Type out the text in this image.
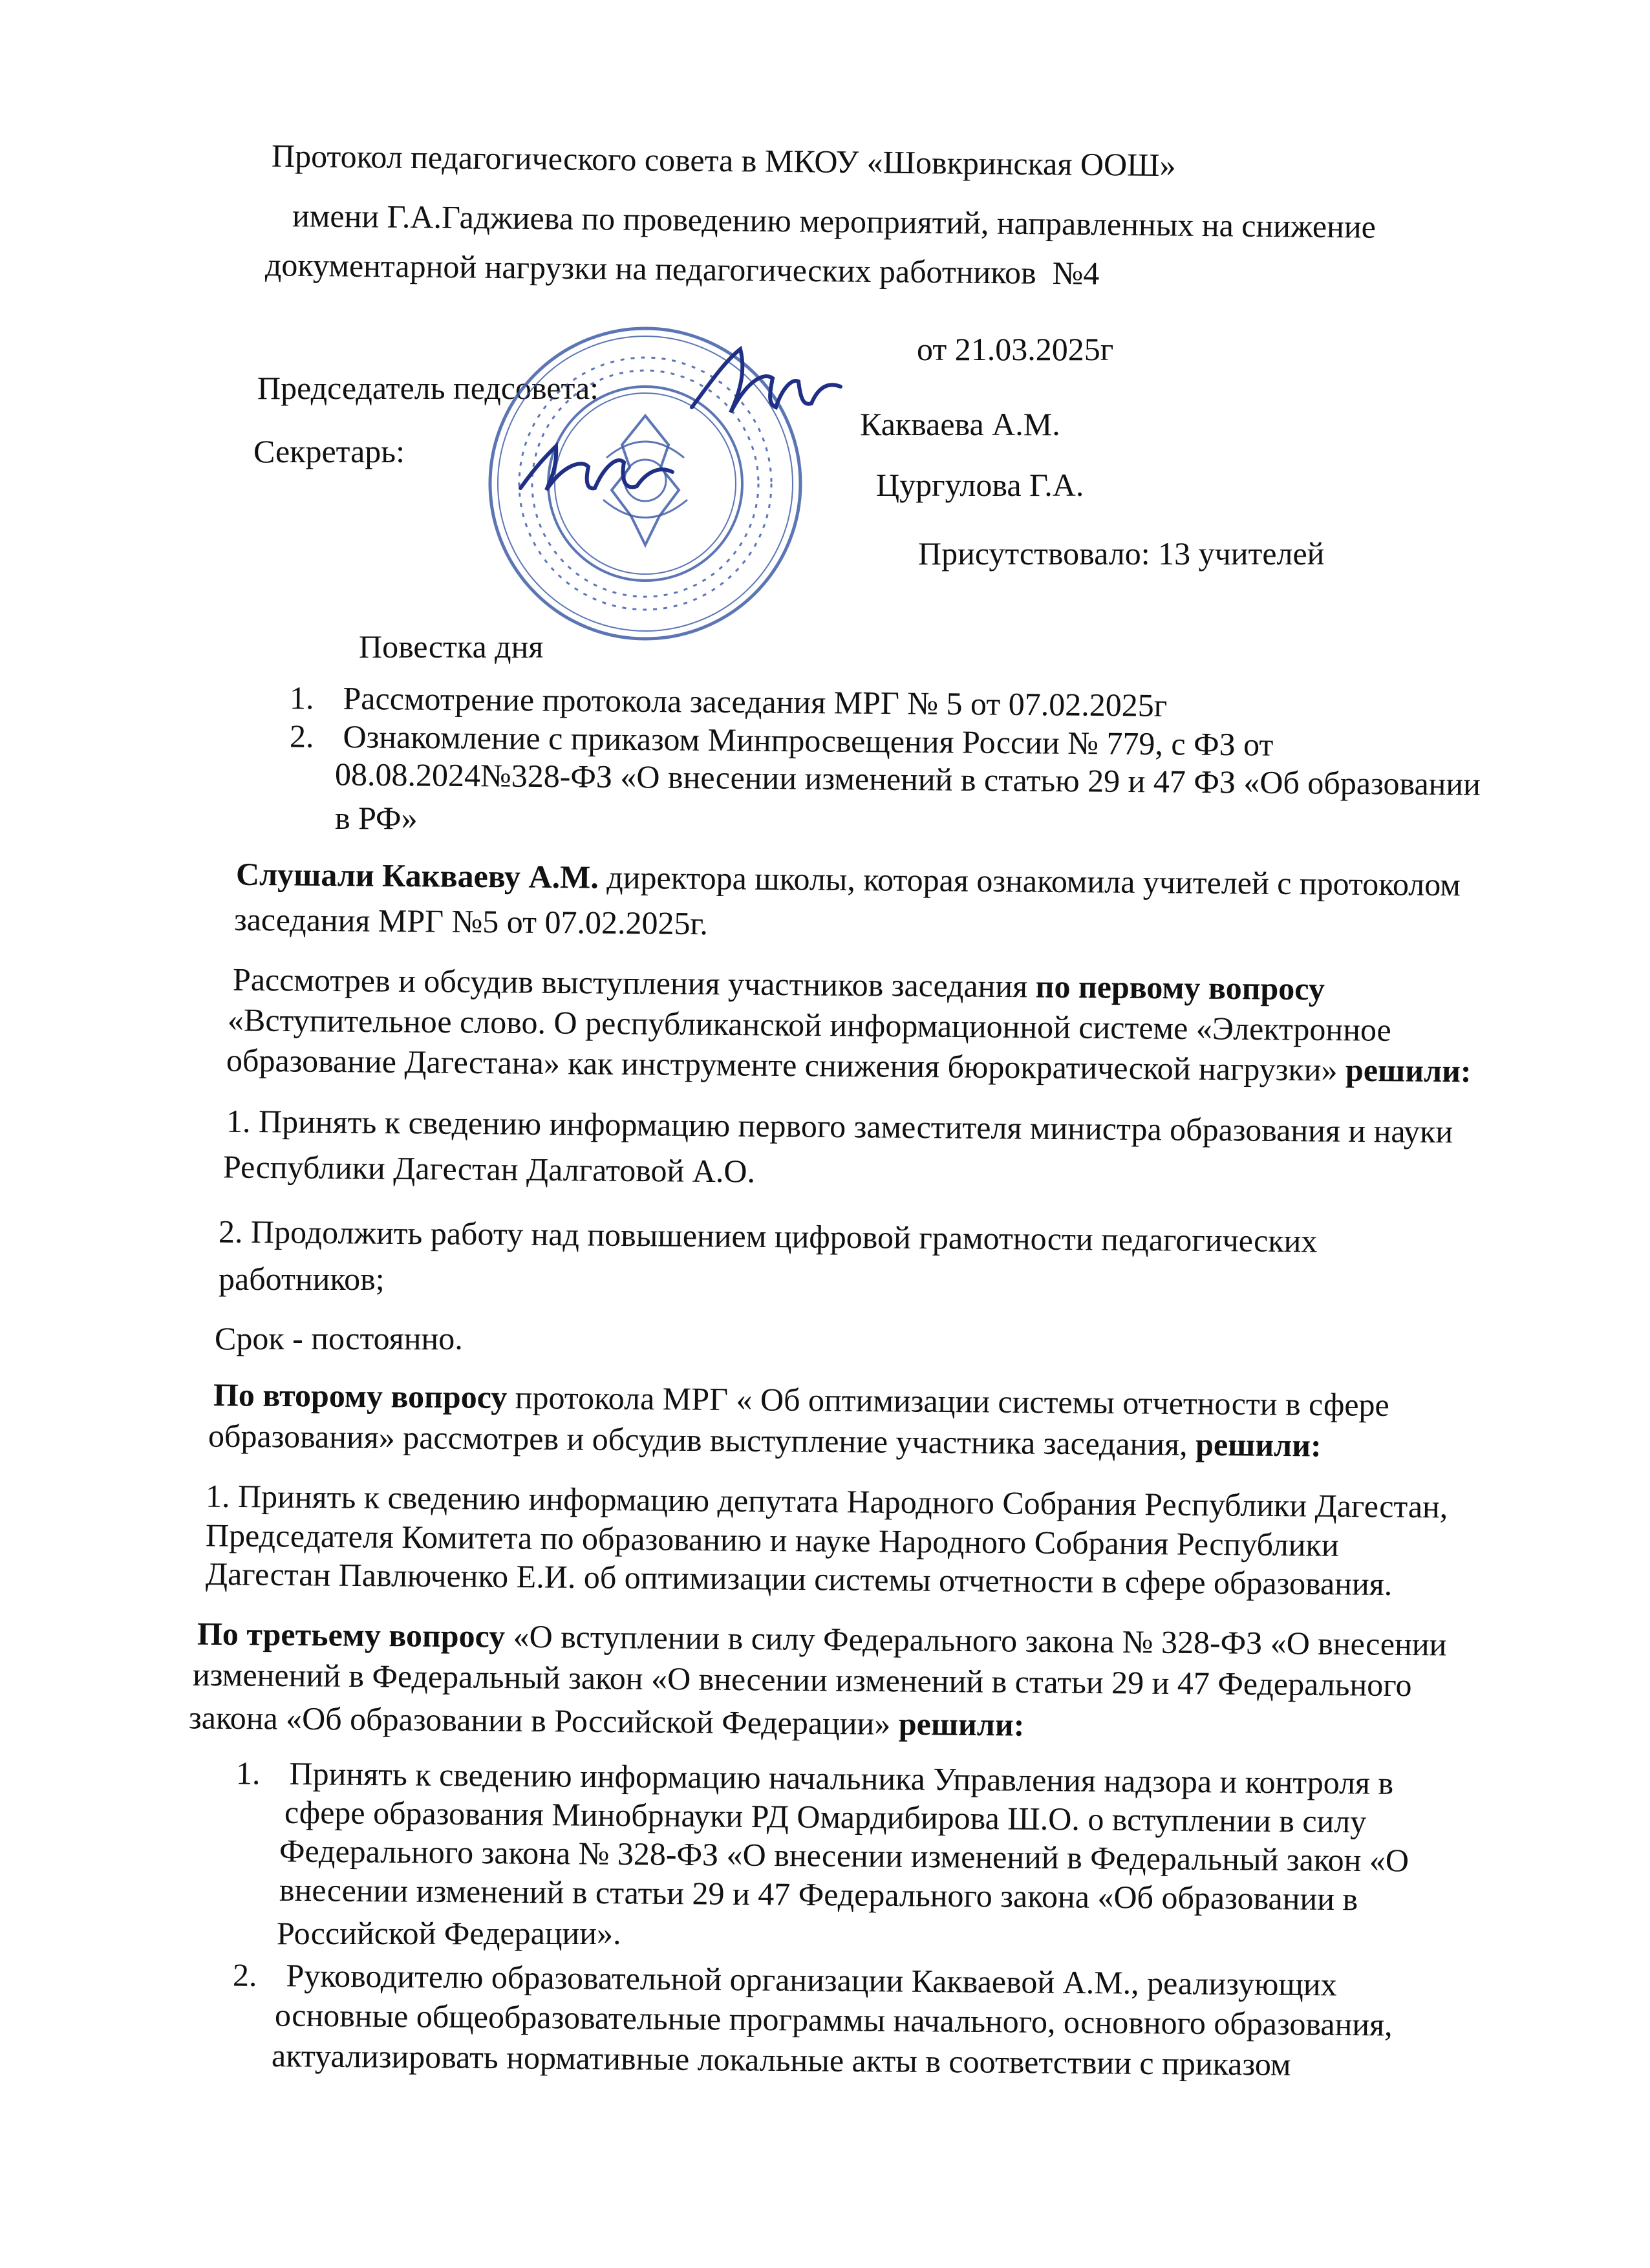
Протокол педагогического совета в МКОУ «Шовкринская ООШ»
имени Г.А.Гаджиева по проведению мероприятий, направленных на снижение
документарной нагрузки на педагогических работников №4
от 21.03.2025г
Председатель педсовета:
Какваева А.М.
Секретарь:
Цургулова Г.А.
Присутствовало: 13 учителей
Повестка дня
1. Рассмотрение протокола заседания МРГ № 5 от 07.02.2025г
2. Ознакомление с приказом Минпросвещения России № 779, с ФЗ от
08.08.2024№328-ФЗ «О внесении изменений в статью 29 и 47 ФЗ «Об образовании
в РФ»
Слушали Какваеву А.М. директора школы, которая ознакомила учителей с протоколом
заседания МРГ №5 от 07.02.2025г.
Рассмотрев и обсудив выступления участников заседания по первому вопросу
«Вступительное слово. О республиканской информационной системе «Электронное
образование Дагестана» как инструменте снижения бюрократической нагрузки» решили:
1. Принять к сведению информацию первого заместителя министра образования и науки
Республики Дагестан Далгатовой А.О.
2. Продолжить работу над повышением цифровой грамотности педагогических
работников;
Срок - постоянно.
По второму вопросу протокола МРГ « Об оптимизации системы отчетности в сфере
образования» рассмотрев и обсудив выступление участника заседания, решили:
1. Принять к сведению информацию депутата Народного Собрания Республики Дагестан,
Председателя Комитета по образованию и науке Народного Собрания Республики
Дагестан Павлюченко Е.И. об оптимизации системы отчетности в сфере образования.
По третьему вопросу «О вступлении в силу Федерального закона № 328-ФЗ «О внесении
изменений в Федеральный закон «О внесении изменений в статьи 29 и 47 Федерального
закона «Об образовании в Российской Федерации» решили:
1. Принять к сведению информацию начальника Управления надзора и контроля в
сфере образования Минобрнауки РД Омардибирова Ш.О. о вступлении в силу
Федерального закона № 328-ФЗ «О внесении изменений в Федеральный закон «О
внесении изменений в статьи 29 и 47 Федерального закона «Об образовании в
Российской Федерации».
2. Руководителю образовательной организации Какваевой А.М., реализующих
основные общеобразовательные программы начального, основного образования,
актуализировать нормативные локальные акты в соответствии с приказом
